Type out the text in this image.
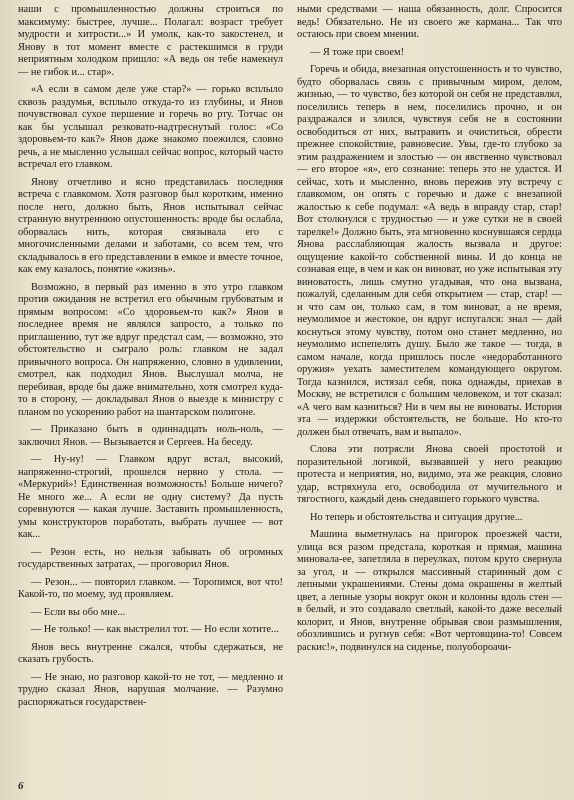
наши с промышленностью должны строиться по максимуму: быстрее, лучше... Полагал: возраст требует мудрости и хитрости...» И умолк, как-то закостенел, и Янову в тот момент вместе с растекшимся в груди неприятным холодком пришло: «А ведь он тебе намекнул — не гибок и... стар».

«А если в самом деле уже стар?» — горько всплыло сквозь раздумья, всплыло откуда-то из глубины, и Янов почувствовал сухое першение и горечь во рту. Тотчас он как бы услышал резковато-надтреснутый голос: «Со здоровьем-то как?» Янов даже знакомо поежился, словно речь, а не мысленно услышал сейчас вопрос, который часто встречал его главком.

Янову отчетливо и ясно представилась последняя встреча с главкомом. Хотя разговор был коротким, именно после него, должно быть, Янов испытывал сейчас странную внутреннюю опустошенность: вроде бы ослабла, оборвалась нить, которая связывала его с многочисленными делами и заботами, со всем тем, что складывалось в его представлении в емкое и вместе точное, как ему казалось, понятие «жизнь».

Возможно, в первый раз именно в это утро главком против ожидания не встретил его обычным грубоватым и прямым вопросом: «Со здоровьем-то как?» Янов в последнее время не являлся запросто, а только по приглашению, тут же вдруг предстал сам, — возможно, это обстоятельство и сыграло роль: главком не задал привычного вопроса. Он напряженно, словно в удивлении, смотрел, как подходил Янов. Выслушал молча, не перебивая, вроде бы даже внимательно, хотя смотрел куда-то в сторону, — докладывал Янов о выезде к министру с планом по ускорению работ на шантарском полигоне.

— Приказано быть в одиннадцать ноль-ноль, — заключил Янов. — Вызывается и Сергеев. На беседу.

— Ну-ну! — Главком вдруг встал, высокий, напряженно-строгий, прошелся нервно у стола. — «Меркурий»! Единственная возможность! Больше ничего? Не много же... А если не одну систему? Да пусть соревнуются — какая лучше. Заставить промышленность, умы конструкторов поработать, выбрать лучшее — вот как...

— Резон есть, но нельзя забывать об огромных государственных затратах, — проговорил Янов.

— Резон... — повторил главком. — Торопимся, вот что! Какой-то, по моему, зуд проявляем.

— Если вы обо мне...

— Не только! — как выстрелил тот. — Но если хотите...

Янов весь внутренне сжался, чтобы сдержаться, не сказать грубость.

— Не знаю, но разговор какой-то не тот, — медленно и трудно сказал Янов, нарушая молчание. — Разумно распоряжаться государствен-

ными средствами — наша обязанность, долг. Спросится ведь! Обязательно. Не из своего же кармана... Так что остаюсь при своем мнении.

— Я тоже при своем!

Горечь и обида, внезапная опустошенность и то чувство, будто оборвалась связь с привычным миром, делом, жизнью, — то чувство, без которой он себя не представлял, поселились теперь в нем, поселились прочно, и он раздражался и злился, чувствуя себя не в состоянии освободиться от них, вытравить и очиститься, обрести прежнее спокойствие, равновесие. Увы, где-то глубоко за этим раздражением и злостью — он явственно чувствовал — его второе «я», его сознание: теперь это не удастся. И сейчас, хоть и мысленно, вновь пережив эту встречу с главкомом, он опять с горечью и даже с внезапной жалостью к себе подумал: «А ведь в вправду стар, стар! Вот столкнулся с трудностью — и уже сутки не в своей тарелке!» Должно быть, эта мгновенно коснувшаяся сердца Янова расслабляющая жалость вызвала и другое: ощущение какой-то собственной вины. И до конца не сознавая еще, в чем и как он виноват, но уже испытывая эту виноватость, лишь смутно угадывая, что она вызвана, пожалуй, сделанным для себя открытием — стар, стар! — и что сам он, только сам, в том виноват, а не время, неумолимое и жестокое, он вдруг испугался: знал — дай коснуться этому чувству, потом оно станет медленно, но неумолимо испепелять душу. Было же такое — тогда, в самом начале, когда пришлось после «недоработанного оружия» уехать заместителем командующего округом. Тогда казнился, истязал себя, пока однажды, приехав в Москву, не встретился с большим человеком, и тот сказал: «А чего вам казниться? Ни в чем вы не виноваты. История эта — издержки обстоятельств, не больше. Но кто-то должен был отвечать, вам и выпало».

Слова эти потрясли Янова своей простотой и поразительной логикой, вызвавшей у него реакцию протеста и неприятия, но, видимо, эта же реакция, словно удар, встряхнула его, освободила от мучительного и тягостного, каждый день снедавшего горького чувства.

Но теперь и обстоятельства и ситуация другие...

Машина выметнулась на пригорок проезжей части, улица вся разом предстала, короткая и прямая, машина миновала-ее, запетляла в переулках, потом круто свернула за угол, и — открылся массивный старинный дом с лепными украшениями. Стены дома окрашены в желтый цвет, а лепные узоры вокруг окон и колонны вдоль стен — в белый, и это создавало светлый, какой-то даже веселый колорит, и Янов, внутренне обрывая свои размышления, обозлившись и ругнув себя: «Вот чертовщина-то! Совсем раскис!», подвинулся на сиденье, полуобороачи-

6
